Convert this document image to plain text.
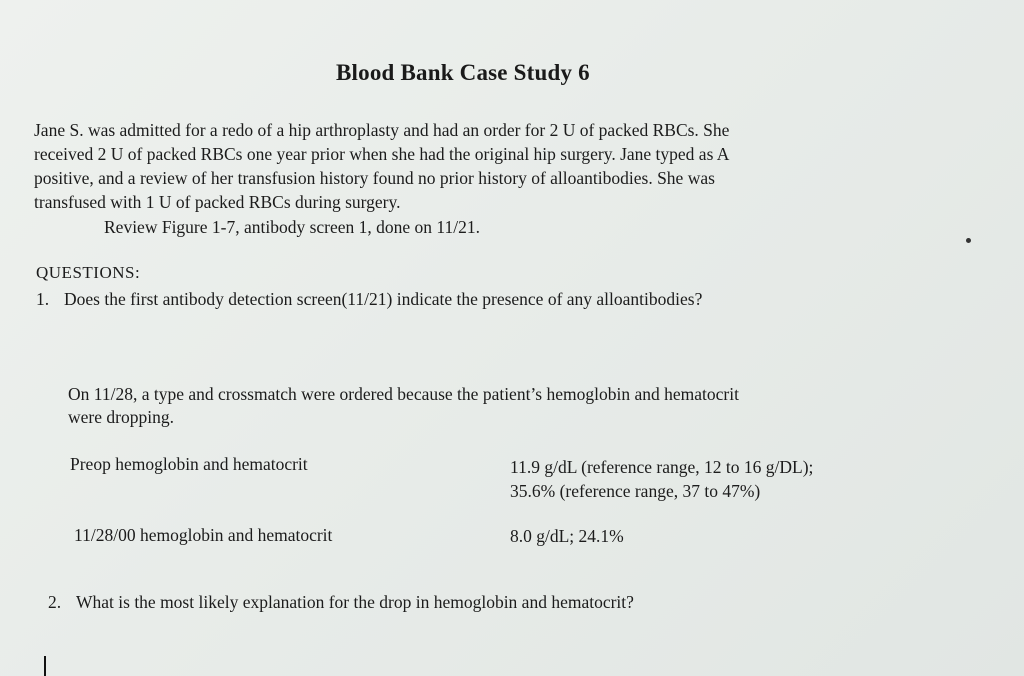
Blood Bank Case Study 6
Jane S. was admitted for a redo of a hip arthroplasty and had an order for 2 U of packed RBCs. She
received 2 U of packed RBCs one year prior when she had the original hip surgery. Jane typed as A
positive, and a review of her transfusion history found no prior history of alloantibodies. She was
transfused with 1 U of packed RBCs during surgery.
Review Figure 1-7, antibody screen 1, done on 11/21.
QUESTIONS:
1. Does the first antibody detection screen(11/21) indicate the presence of any alloantibodies?
On 11/28, a type and crossmatch were ordered because the patient’s hemoglobin and hematocrit
were dropping.
Preop hemoglobin and hematocrit	11.9 g/dL (reference range, 12 to 16 g/DL);
35.6% (reference range, 37 to 47%)
11/28/00 hemoglobin and hematocrit	8.0 g/dL; 24.1%
2. What is the most likely explanation for the drop in hemoglobin and hematocrit?
